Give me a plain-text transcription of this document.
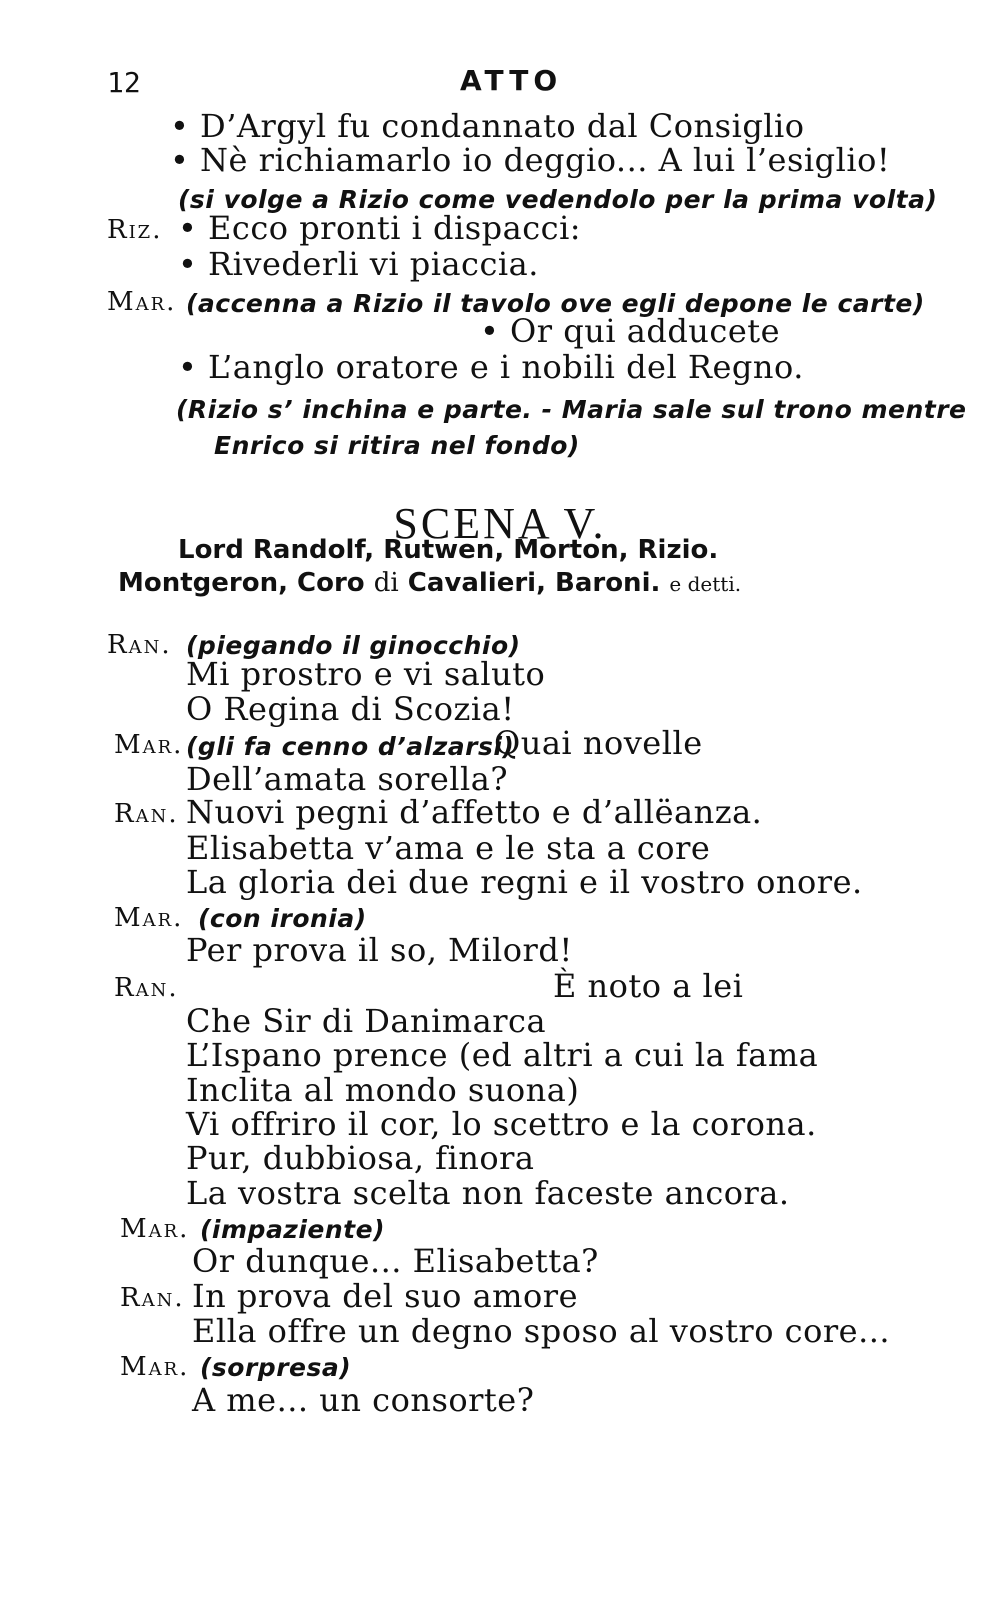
12	ATTO
• D’Argyl fu condannato dal Consiglio
• Nè richiamarlo io deggio... A lui l’esiglio!
(si volge a Rizio come vedendolo per la prima volta)
Riz. • Ecco pronti i dispacci:
• Rivederli vi piaccia.
Mar. (accenna a Rizio il tavolo ove egli depone le carte)
• Or qui adducete
• L’anglo oratore e i nobili del Regno.
(Rizio s’ inchina e parte. - Maria sale sul trono mentre
Enrico si ritira nel fondo)
SCENA V.
Lord Randolf, Rutwen, Morton, Rizio.
Montgeron, Coro di Cavalieri, Baroni. e detti.
Ran. (piegando il ginocchio)
Mi prostro e vi saluto
O Regina di Scozia!
Mar. (gli fa cenno d’alzarsi)
Quai novelle
Dell’amata sorella?
Ran. Nuovi pegni d’affetto e d’allëanza.
Elisabetta v’ama e le sta a core
La gloria dei due regni e il vostro onore.
Mar. (con ironia)
Per prova il so, Milord!
Ran.	È noto a lei
Che Sir di Danimarca
L’Ispano prence (ed altri a cui la fama
Inclita al mondo suona)
Vi offriro il cor, lo scettro e la corona.
Pur, dubbiosa, finora
La vostra scelta non faceste ancora.
Mar. (impaziente)
Or dunque... Elisabetta?
Ran. In prova del suo amore
Ella offre un degno sposo al vostro core...
Mar. (sorpresa)
A me... un consorte?
